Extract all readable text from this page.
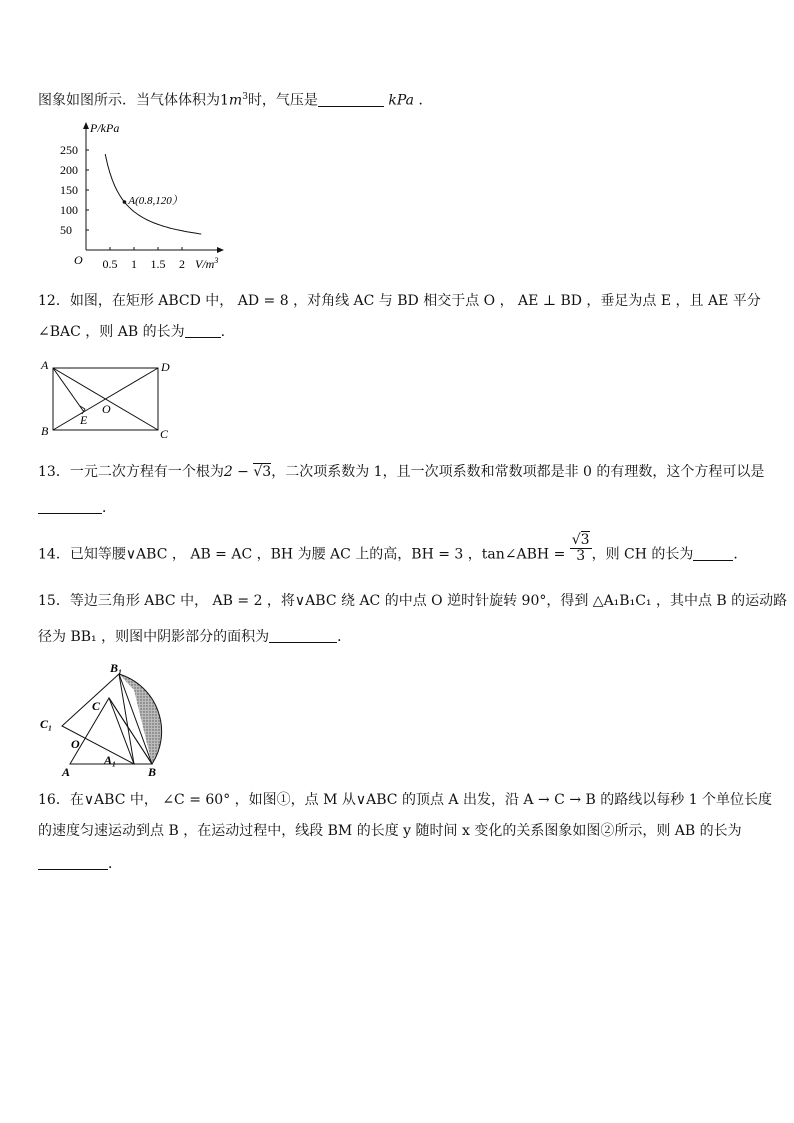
图象如图所示．当气体体积为$1m^3$时，气压是	kPa ．
P/kPa
$V/m^3$
O
250
200
150
100
50
0.5 1 1.5 2
A(0.8,120）
12．如图，在矩形 ABCD 中， AD = 8 ，对角线 AC 与 BD 相交于点 O ， AE ⊥ BD ，垂足为点 E ，且 AE 平分
∠BAC ，则 AB 的长为	.
A	D
B	C
E
O
13．一元二次方程有一个根为2 − √3，二次项系数为 1，且一次项系数和常数项都是非 0 的有理数，这个方程可以是
．
14．已知等腰∨ABC ， AB = AC ，BH 为腰 AC 上的高，BH = 3 ，tan∠ABH = $\frac{√3}{3}$ ，则 CH 的长为	．
15．等边三角形 ABC 中， AB = 2 ，将∨ABC 绕 AC 的中点 O 逆时针旋转 90°，得到 △A₁B₁C₁ ，其中点 B 的运动路
径为 BB₁ ，则图中阴影部分的面积为	．
B₁
C₁
C
O
A
A₁
B
16．在∨ABC 中， ∠C = 60° ，如图①，点 M 从∨ABC 的顶点 A 出发，沿 A → C → B 的路线以每秒 1 个单位长度
的速度匀速运动到点 B ，在运动过程中，线段 BM 的长度 y 随时间 x 变化的关系图象如图②所示，则 AB 的长为
．
